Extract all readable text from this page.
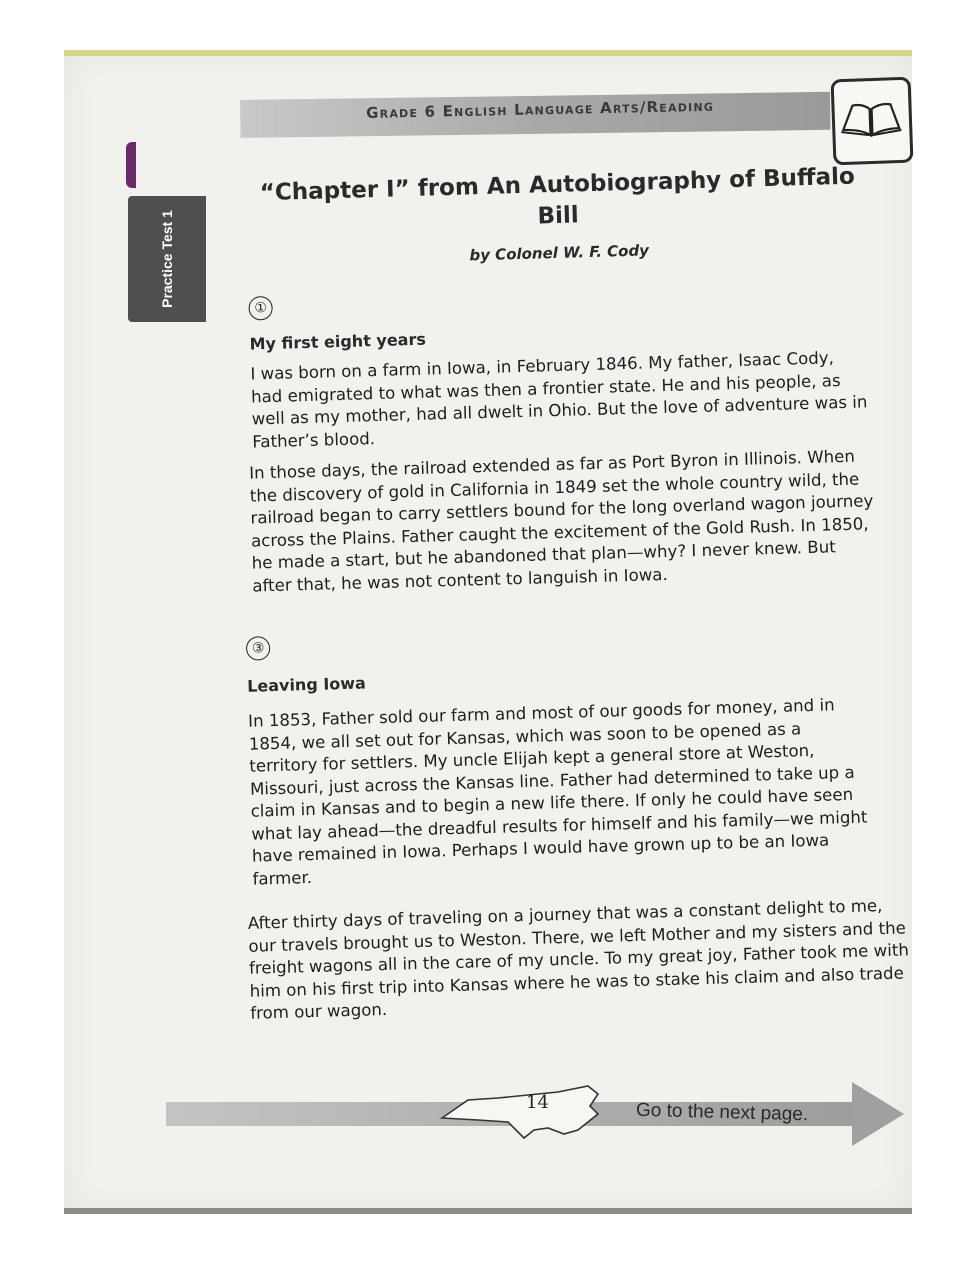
Grade 6 English Language Arts/Reading
Practice Test 1
“Chapter I” from An Autobiography of Buffalo Bill
by Colonel W. F. Cody
①
My first eight years

I was born on a farm in Iowa, in February 1846. My father, Isaac Cody, had emigrated to what was then a frontier state. He and his people, as well as my mother, had all dwelt in Ohio. But the love of adventure was in Father’s blood.

In those days, the railroad extended as far as Port Byron in Illinois. When the discovery of gold in California in 1849 set the whole country wild, the railroad began to carry settlers bound for the long overland wagon journey across the Plains. Father caught the excitement of the Gold Rush. In 1850, he made a start, but he abandoned that plan—why? I never knew. But after that, he was not content to languish in Iowa.

③
Leaving Iowa

In 1853, Father sold our farm and most of our goods for money, and in 1854, we all set out for Kansas, which was soon to be opened as a territory for settlers. My uncle Elijah kept a general store at Weston, Missouri, just across the Kansas line. Father had determined to take up a claim in Kansas and to begin a new life there. If only he could have seen what lay ahead—the dreadful results for himself and his family—we might have remained in Iowa. Perhaps I would have grown up to be an Iowa farmer.

After thirty days of traveling on a journey that was a constant delight to me, our travels brought us to Weston. There, we left Mother and my sisters and the freight wagons all in the care of my uncle. To my great joy, Father took me with him on his first trip into Kansas where he was to stake his claim and also trade from our wagon.

14	Go to the next page.
